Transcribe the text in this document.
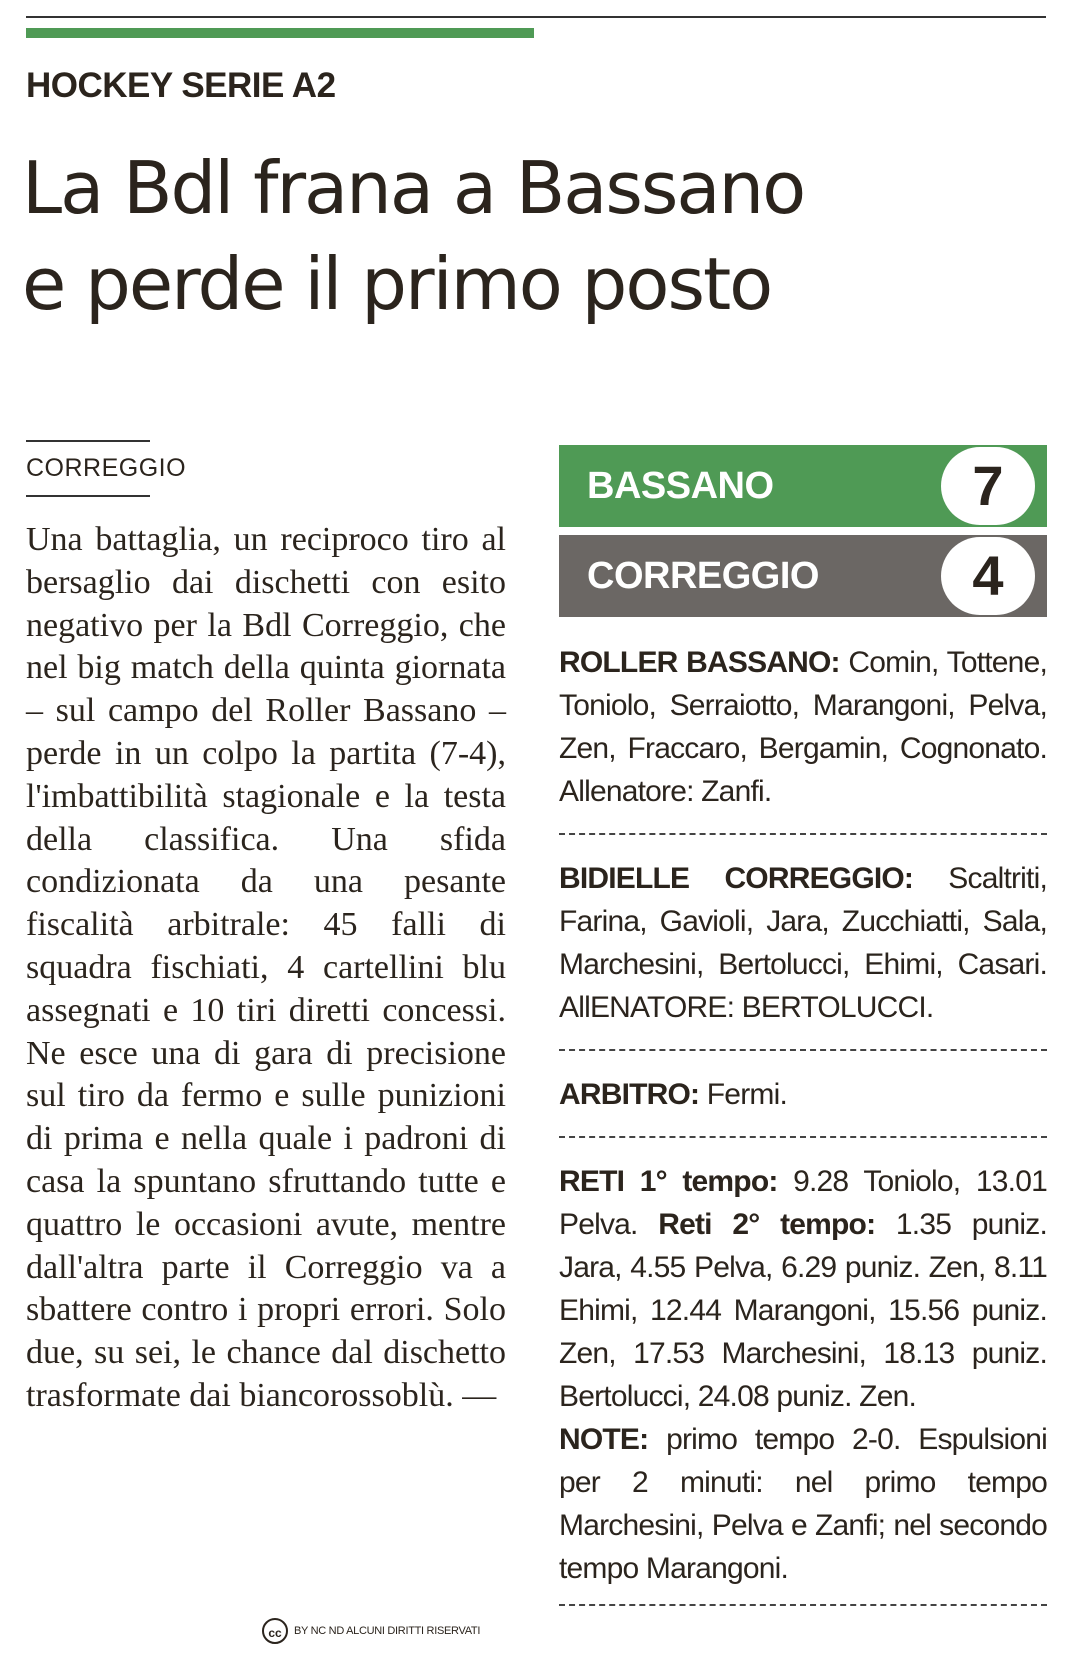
HOCKEY SERIE A2
La Bdl frana a Bassano
e perde il primo posto
CORREGGIO
Una battaglia, un reciproco tiro al bersaglio dai dischetti con esito negativo per la Bdl Correggio, che nel big match della quinta giornata – sul campo del Roller Bassano – perde in un colpo la partita (7-4), l'imbattibilità stagionale e la testa della classifica. Una sfida condizionata da una pesante fiscalità arbitrale: 45 falli di squadra fischiati, 4 cartellini blu assegnati e 10 tiri diretti concessi. Ne esce una di gara di precisione sul tiro da fermo e sulle punizioni di prima e nella quale i padroni di casa la spuntano sfruttando tutte e quattro le occasioni avute, mentre dall'altra parte il Correggio va a sbattere contro i propri errori. Solo due, su sei, le chance dal dischetto trasformate dai biancorossoblù. —
cc	BY NC ND ALCUNI DIRITTI RISERVATI
BASSANO	7
CORREGGIO	4
ROLLER BASSANO: Comin, Tottene, Toniolo, Serraiotto, Marangoni, Pelva, Zen, Fraccaro, Bergamin, Cognonato. Allenatore: Zanfi.
BIDIELLE CORREGGIO: Scaltriti, Farina, Gavioli, Jara, Zucchiatti, Sala, Marchesini, Bertolucci, Ehimi, Casari. AllENATORE: BERTOLUCCI.
ARBITRO: Fermi.
RETI 1° tempo: 9.28 Toniolo, 13.01 Pelva. Reti 2° tempo: 1.35 puniz. Jara, 4.55 Pelva, 6.29 puniz. Zen, 8.11 Ehimi, 12.44 Marangoni, 15.56 puniz. Zen, 17.53 Marchesini, 18.13 puniz. Bertolucci, 24.08 puniz. Zen.
NOTE: primo tempo 2-0. Espulsioni per 2 minuti: nel primo tempo Marchesini, Pelva e Zanfi; nel secondo tempo Marangoni.
